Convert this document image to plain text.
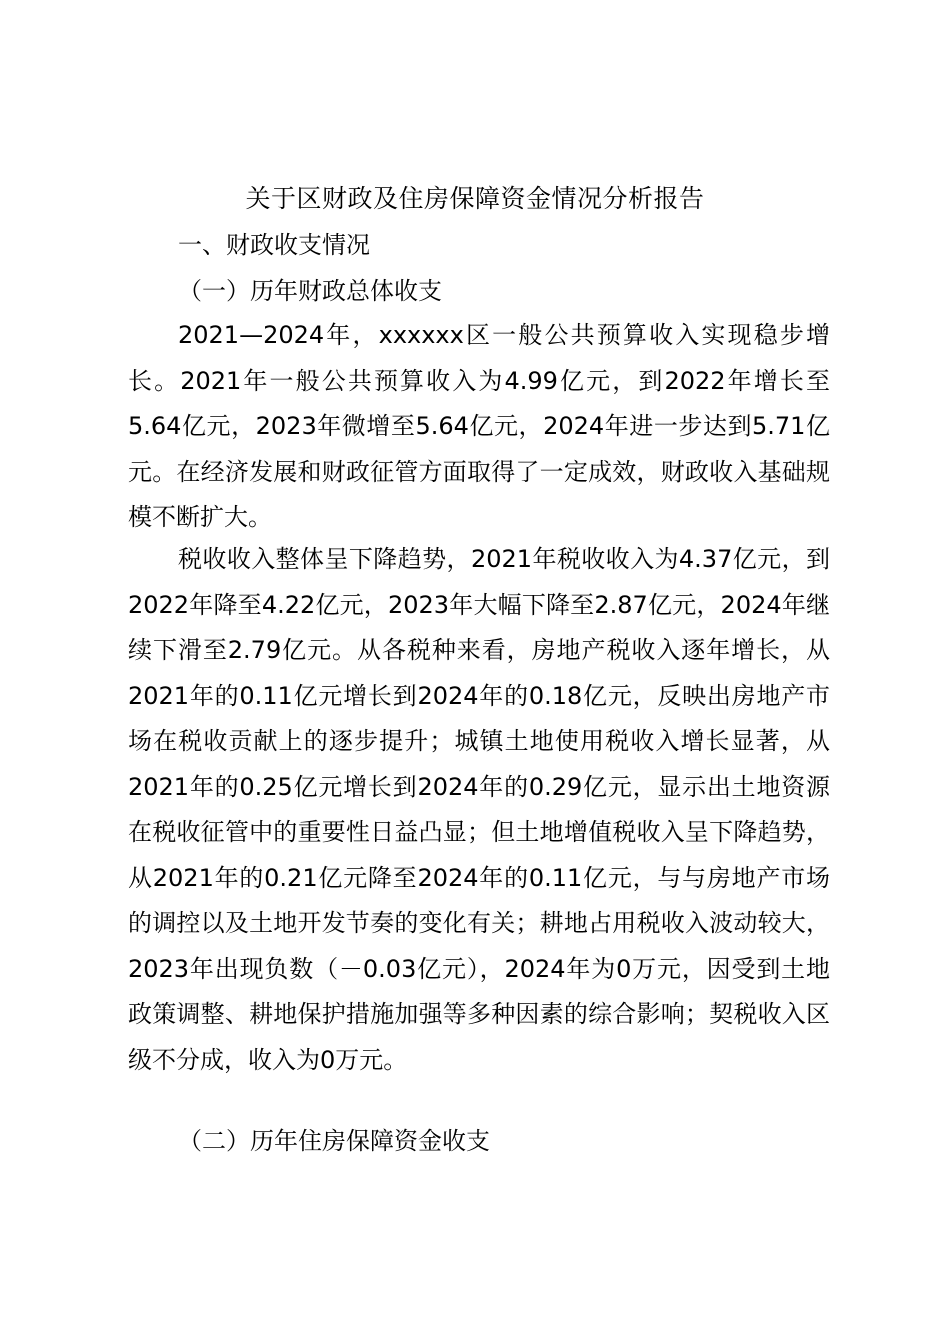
关于区财政及住房保障资金情况分析报告
一、财政收支情况
（一）历年财政总体收支

2021—2024年，xxxxxx区一般公共预算收入实现稳步增长。2021年一般公共预算收入为4.99亿元，到2022年增长至5.64亿元，2023年微增至5.64亿元，2024年进一步达到5.71亿元。在经济发展和财政征管方面取得了一定成效，财政收入基础规模不断扩大。

税收收入整体呈下降趋势，2021年税收收入为4.37亿元，到2022年降至4.22亿元，2023年大幅下降至2.87亿元，2024年继续下滑至2.79亿元。从各税种来看，房地产税收入逐年增长，从2021年的0.11亿元增长到2024年的0.18亿元，反映出房地产市场在税收贡献上的逐步提升；城镇土地使用税收入增长显著，从2021年的0.25亿元增长到2024年的0.29亿元，显示出土地资源在税收征管中的重要性日益凸显；但土地增值税收入呈下降趋势，从2021年的0.21亿元降至2024年的0.11亿元，与与房地产市场的调控以及土地开发节奏的变化有关；耕地占用税收入波动较大，2023年出现负数（－0.03亿元），2024年为0万元，因受到土地政策调整、耕地保护措施加强等多种因素的综合影响；契税收入区级不分成，收入为0万元。

（二）历年住房保障资金收支
